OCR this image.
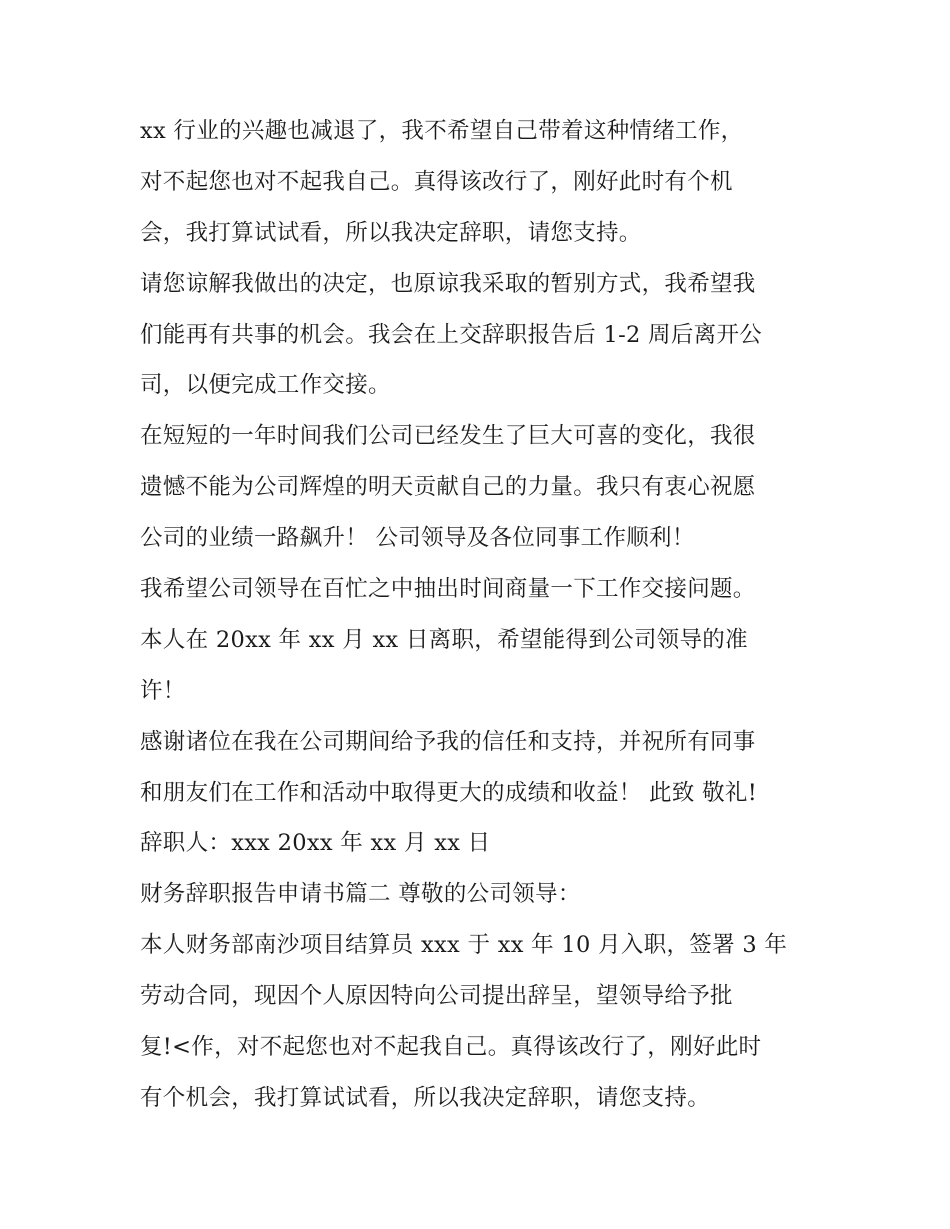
xx 行业的兴趣也减退了，我不希望自己带着这种情绪工作，
对不起您也对不起我自己。真得该改行了，刚好此时有个机
会，我打算试试看，所以我决定辞职，请您支持。
请您谅解我做出的决定，也原谅我采取的暂别方式，我希望我
们能再有共事的机会。我会在上交辞职报告后 1-2 周后离开公
司，以便完成工作交接。
在短短的一年时间我们公司已经发生了巨大可喜的变化，我很
遗憾不能为公司辉煌的明天贡献自己的力量。我只有衷心祝愿
公司的业绩一路飙升！ 公司领导及各位同事工作顺利！
我希望公司领导在百忙之中抽出时间商量一下工作交接问题。
本人在 20xx 年 xx 月 xx 日离职，希望能得到公司领导的准
许！
感谢诸位在我在公司期间给予我的信任和支持，并祝所有同事
和朋友们在工作和活动中取得更大的成绩和收益！ 此致 敬礼!
辞职人：xxx 20xx 年 xx 月 xx 日
财务辞职报告申请书篇二 尊敬的公司领导：
本人财务部南沙项目结算员 xxx 于 xx 年 10 月入职，签署 3 年
劳动合同，现因个人原因特向公司提出辞呈，望领导给予批
复!<作，对不起您也对不起我自己。真得该改行了，刚好此时
有个机会，我打算试试看，所以我决定辞职，请您支持。
